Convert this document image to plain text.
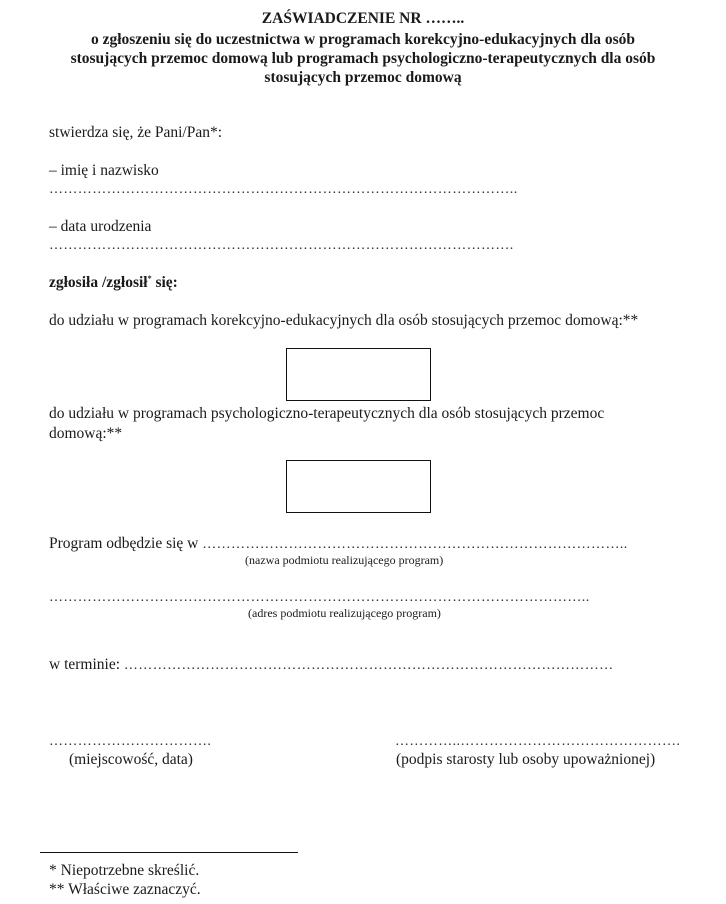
ZAŚWIADCZENIE NR ……..
o zgłoszeniu się do uczestnictwa w programach korekcyjno-edukacyjnych dla osób
stosujących przemoc domową lub programach psychologiczno-terapeutycznych dla osób
stosujących przemoc domową
stwierdza się, że Pani/Pan*:
– imię i nazwisko
……………………………………………………………………………………..
– data urodzenia
…………………………………………………………………………………….
zgłosiła /zgłosił* się:
do udziału w programach korekcyjno-edukacyjnych dla osób stosujących przemoc domową:**
do udziału w programach psychologiczno-terapeutycznych dla osób stosujących przemoc
domową:**
Program odbędzie się w ……………………………………………………………………………..
(nazwa podmiotu realizującego program)
…………………………………………………………………………………………………..
(adres podmiotu realizującego program)
w terminie: …………………………………………………………………………………………
…………………………….
(miejscowość, data)
…………..……………………………………….
(podpis starosty lub osoby upoważnionej)
* Niepotrzebne skreślić.
** Właściwe zaznaczyć.
